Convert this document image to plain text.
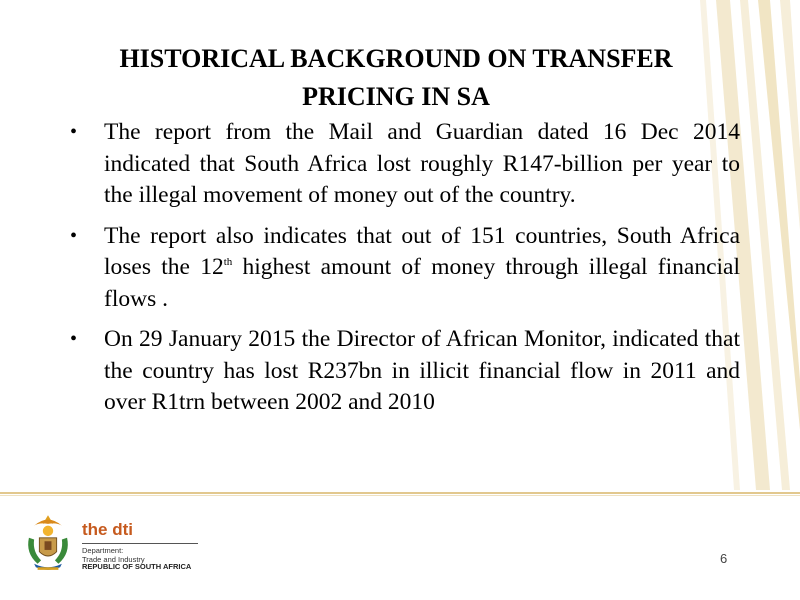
HISTORICAL BACKGROUND ON TRANSFER
PRICING IN SA
• The report from the Mail and Guardian dated 16 Dec 2014 indicated that South Africa lost roughly R147-billion per year to the illegal movement of money out of the country.
• The report also indicates that out of 151 countries, South Africa loses the 12th highest amount of money through illegal financial flows .
• On 29 January 2015 the Director of African Monitor, indicated that the country has lost R237bn in illicit financial flow in 2011 and over R1trn between 2002 and 2010
the dti
Department:
Trade and Industry
REPUBLIC OF SOUTH AFRICA
6
